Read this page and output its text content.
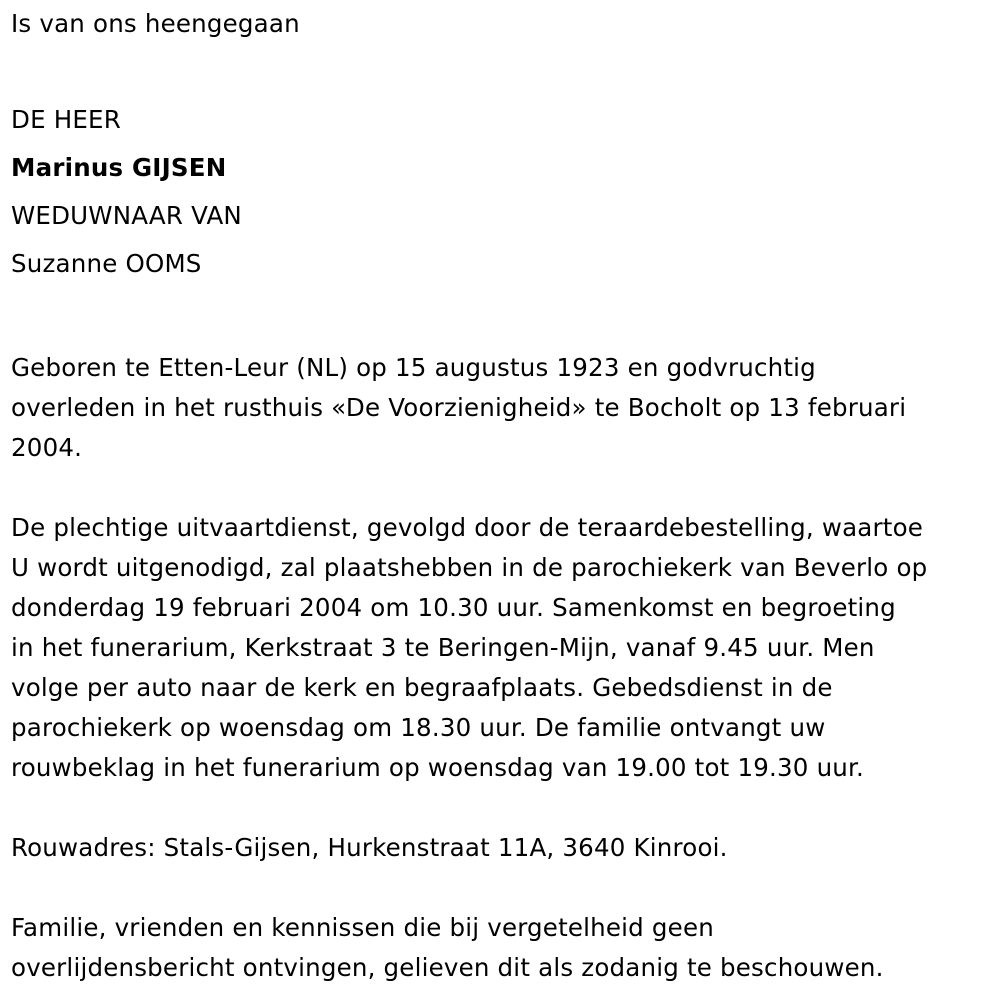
Is van ons heengegaan

DE HEER

Marinus GIJSEN

WEDUWNAAR VAN

Suzanne OOMS

Geboren te Etten-Leur (NL) op 15 augustus 1923 en godvruchtig

overleden in het rusthuis «De Voorzienigheid» te Bocholt op 13 februari

2004.

De plechtige uitvaartdienst, gevolgd door de teraardebestelling, waartoe

U wordt uitgenodigd, zal plaatshebben in de parochiekerk van Beverlo op

donderdag 19 februari 2004 om 10.30 uur. Samenkomst en begroeting

in het funerarium, Kerkstraat 3 te Beringen-Mijn, vanaf 9.45 uur. Men

volge per auto naar de kerk en begraafplaats. Gebedsdienst in de

parochiekerk op woensdag om 18.30 uur. De familie ontvangt uw

rouwbeklag in het funerarium op woensdag van 19.00 tot 19.30 uur.

Rouwadres: Stals-Gijsen, Hurkenstraat 11A, 3640 Kinrooi.

Familie, vrienden en kennissen die bij vergetelheid geen

overlijdensbericht ontvingen, gelieven dit als zodanig te beschouwen.
